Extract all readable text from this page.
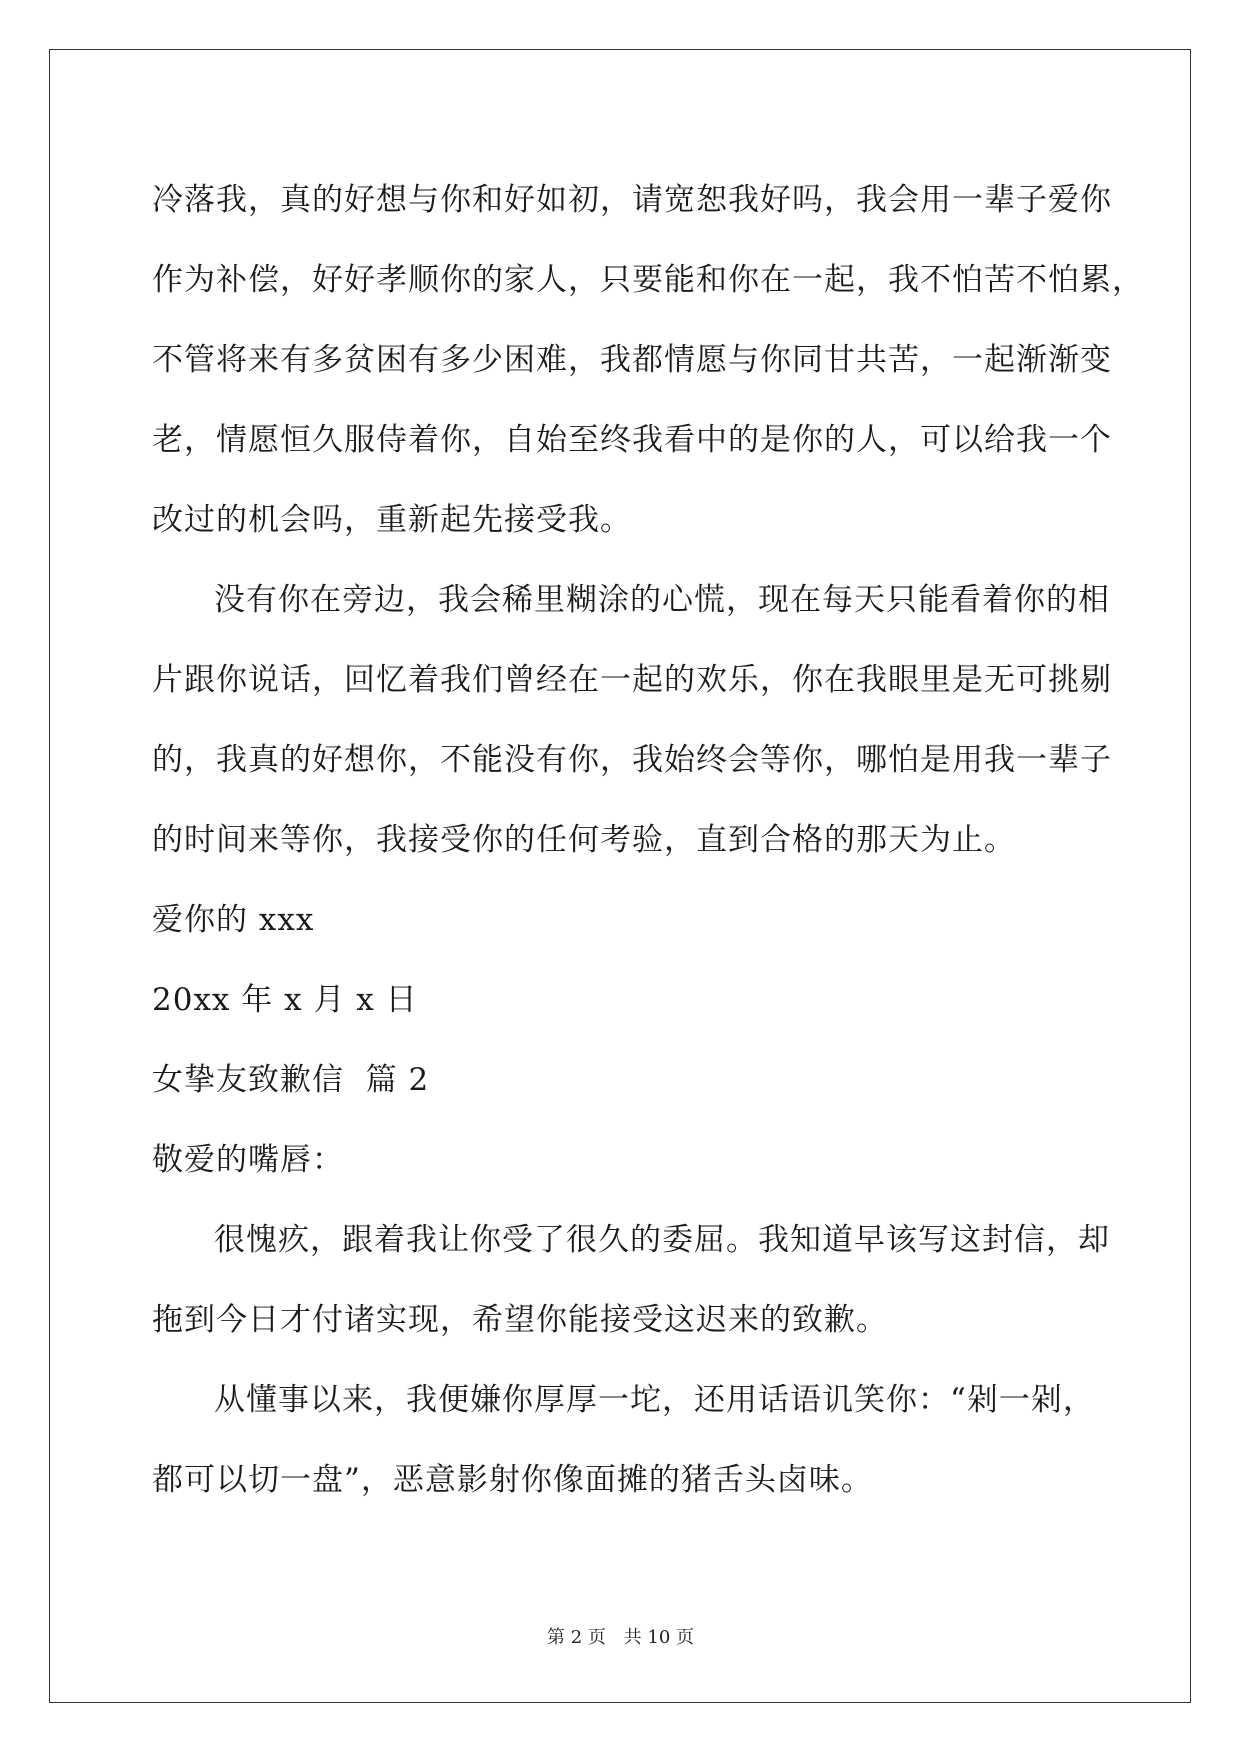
冷落我，真的好想与你和好如初，请宽恕我好吗，我会用一辈子爱你
作为补偿，好好孝顺你的家人，只要能和你在一起，我不怕苦不怕累，
不管将来有多贫困有多少困难，我都情愿与你同甘共苦，一起渐渐变
老，情愿恒久服侍着你，自始至终我看中的是你的人，可以给我一个
改过的机会吗，重新起先接受我。

没有你在旁边，我会稀里糊涂的心慌，现在每天只能看着你的相
片跟你说话，回忆着我们曾经在一起的欢乐，你在我眼里是无可挑剔
的，我真的好想你，不能没有你，我始终会等你，哪怕是用我一辈子
的时间来等你，我接受你的任何考验，直到合格的那天为止。

爱你的 xxx

20xx 年 x 月 x 日

女挚友致歉信  篇 2

敬爱的嘴唇：

很愧疚，跟着我让你受了很久的委屈。我知道早该写这封信，却
拖到今日才付诸实现，希望你能接受这迟来的致歉。

从懂事以来，我便嫌你厚厚一坨，还用话语讥笑你：“剁一剁，
都可以切一盘”，恶意影射你像面摊的猪舌头卤味。

第 2 页 共 10 页
